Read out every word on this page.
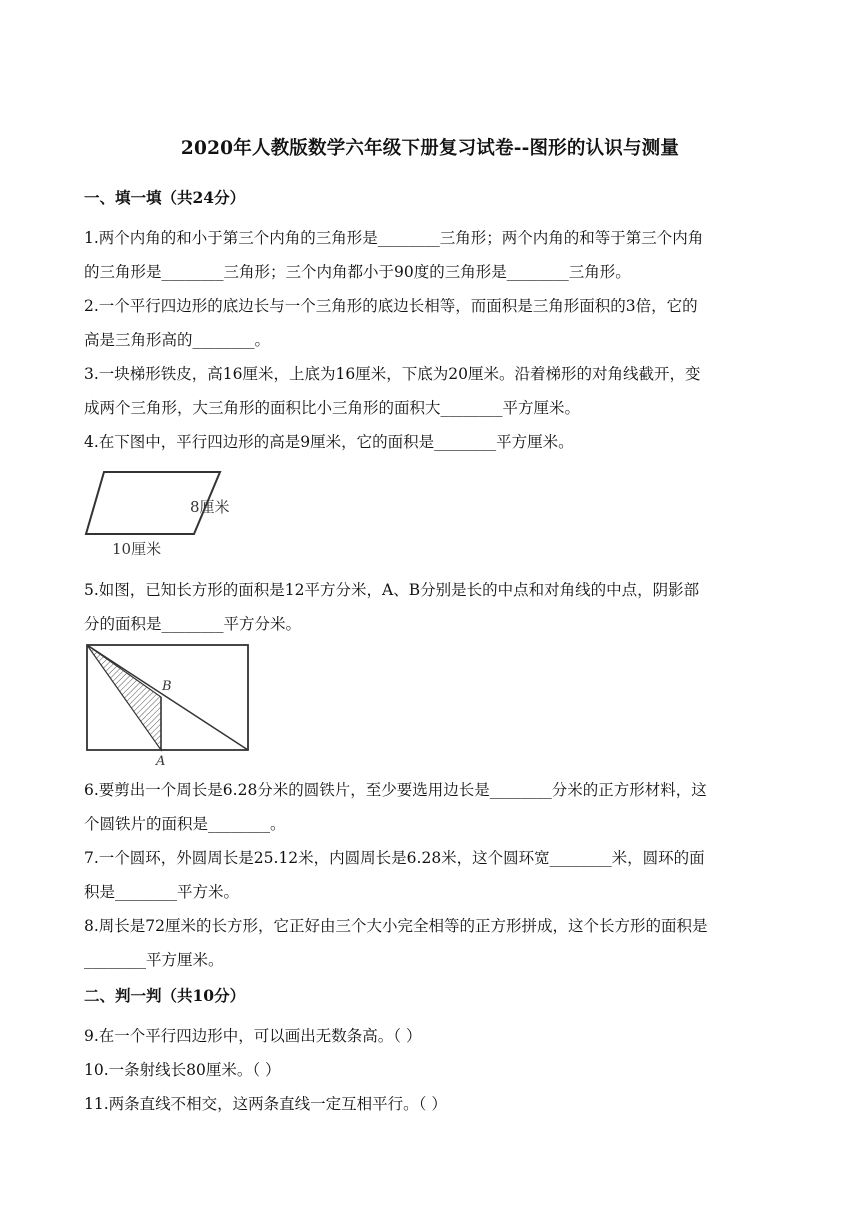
2020年人教版数学六年级下册复习试卷--图形的认识与测量
一、填一填（共24分）
1.两个内角的和小于第三个内角的三角形是________三角形；两个内角的和等于第三个内角
的三角形是________三角形；三个内角都小于90度的三角形是________三角形。
2.一个平行四边形的底边长与一个三角形的底边长相等，而面积是三角形面积的3倍，它的
高是三角形高的________。
3.一块梯形铁皮，高16厘米，上底为16厘米，下底为20厘米。沿着梯形的对角线截开，变
成两个三角形，大三角形的面积比小三角形的面积大________平方厘米。
4.在下图中，平行四边形的高是9厘米，它的面积是________平方厘米。
8厘米
10厘米
5.如图，已知长方形的面积是12平方分米，A、B分别是长的中点和对角线的中点，阴影部
分的面积是________平方分米。
B
A
6.要剪出一个周长是6.28分米的圆铁片，至少要选用边长是________分米的正方形材料，这
个圆铁片的面积是________。
7.一个圆环，外圆周长是25.12米，内圆周长是6.28米，这个圆环宽________米，圆环的面
积是________平方米。
8.周长是72厘米的长方形，它正好由三个大小完全相等的正方形拼成，这个长方形的面积是
________平方厘米。
二、判一判（共10分）
9.在一个平行四边形中，可以画出无数条高。（ ）
10.一条射线长80厘米。（ ）
11.两条直线不相交，这两条直线一定互相平行。（ ）
